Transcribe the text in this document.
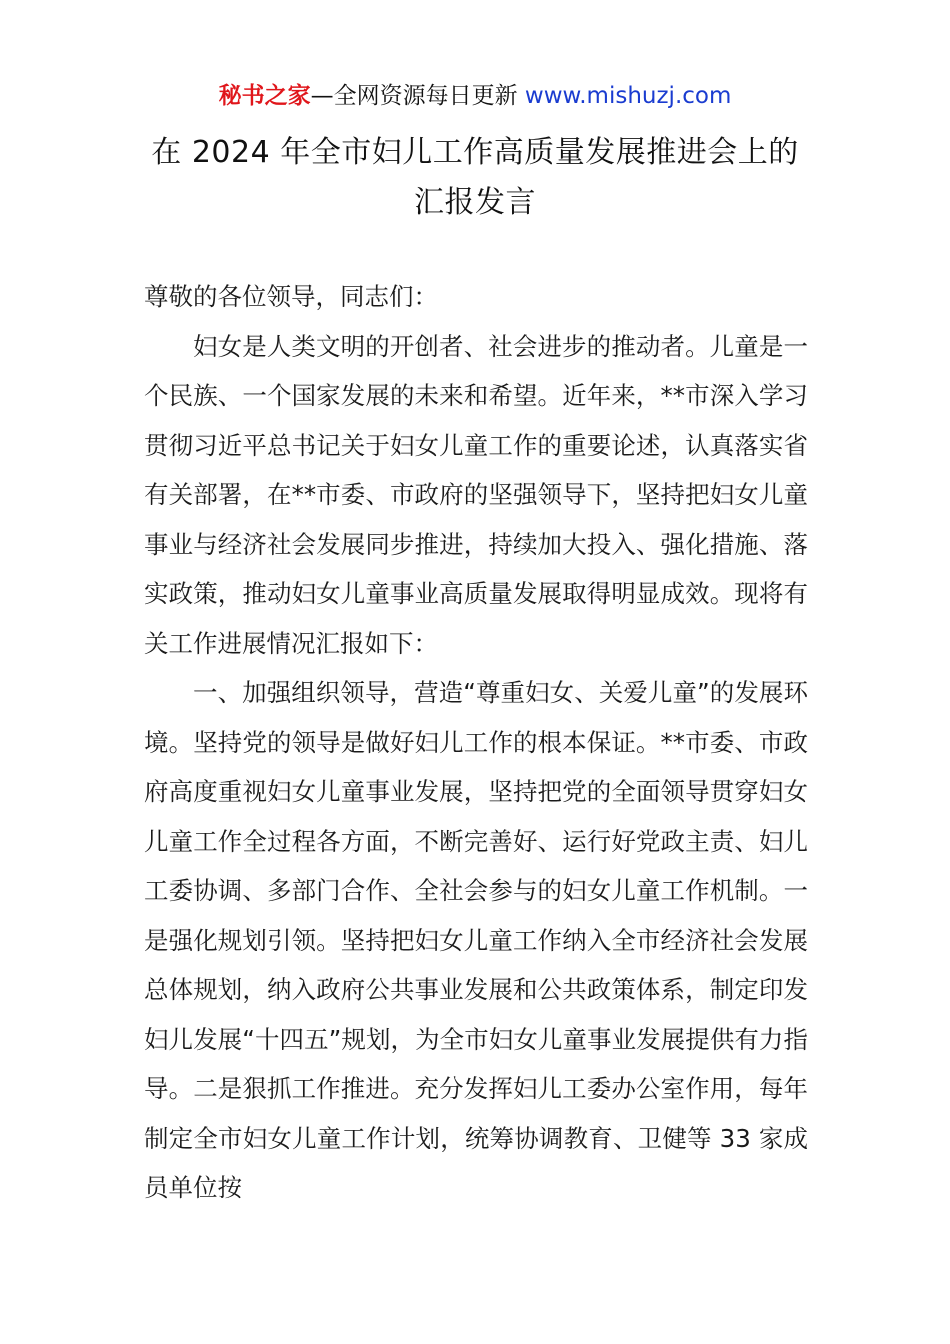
秘书之家—全网资源每日更新 www.mishuzj.com
在 2024 年全市妇儿工作高质量发展推进会上的
汇报发言

尊敬的各位领导，同志们：

妇女是人类文明的开创者、社会进步的推动者。儿童是一个民族、一个国家发展的未来和希望。近年来，**市深入学习贯彻习近平总书记关于妇女儿童工作的重要论述，认真落实省有关部署，在**市委、市政府的坚强领导下，坚持把妇女儿童事业与经济社会发展同步推进，持续加大投入、强化措施、落实政策，推动妇女儿童事业高质量发展取得明显成效。现将有关工作进展情况汇报如下：

一、加强组织领导，营造“尊重妇女、关爱儿童”的发展环境。坚持党的领导是做好妇儿工作的根本保证。**市委、市政府高度重视妇女儿童事业发展，坚持把党的全面领导贯穿妇女儿童工作全过程各方面，不断完善好、运行好党政主责、妇儿工委协调、多部门合作、全社会参与的妇女儿童工作机制。一是强化规划引领。坚持把妇女儿童工作纳入全市经济社会发展总体规划，纳入政府公共事业发展和公共政策体系，制定印发妇儿发展“十四五”规划，为全市妇女儿童事业发展提供有力指导。二是狠抓工作推进。充分发挥妇儿工委办公室作用，每年制定全市妇女儿童工作计划，统筹协调教育、卫健等 33 家成员单位按
